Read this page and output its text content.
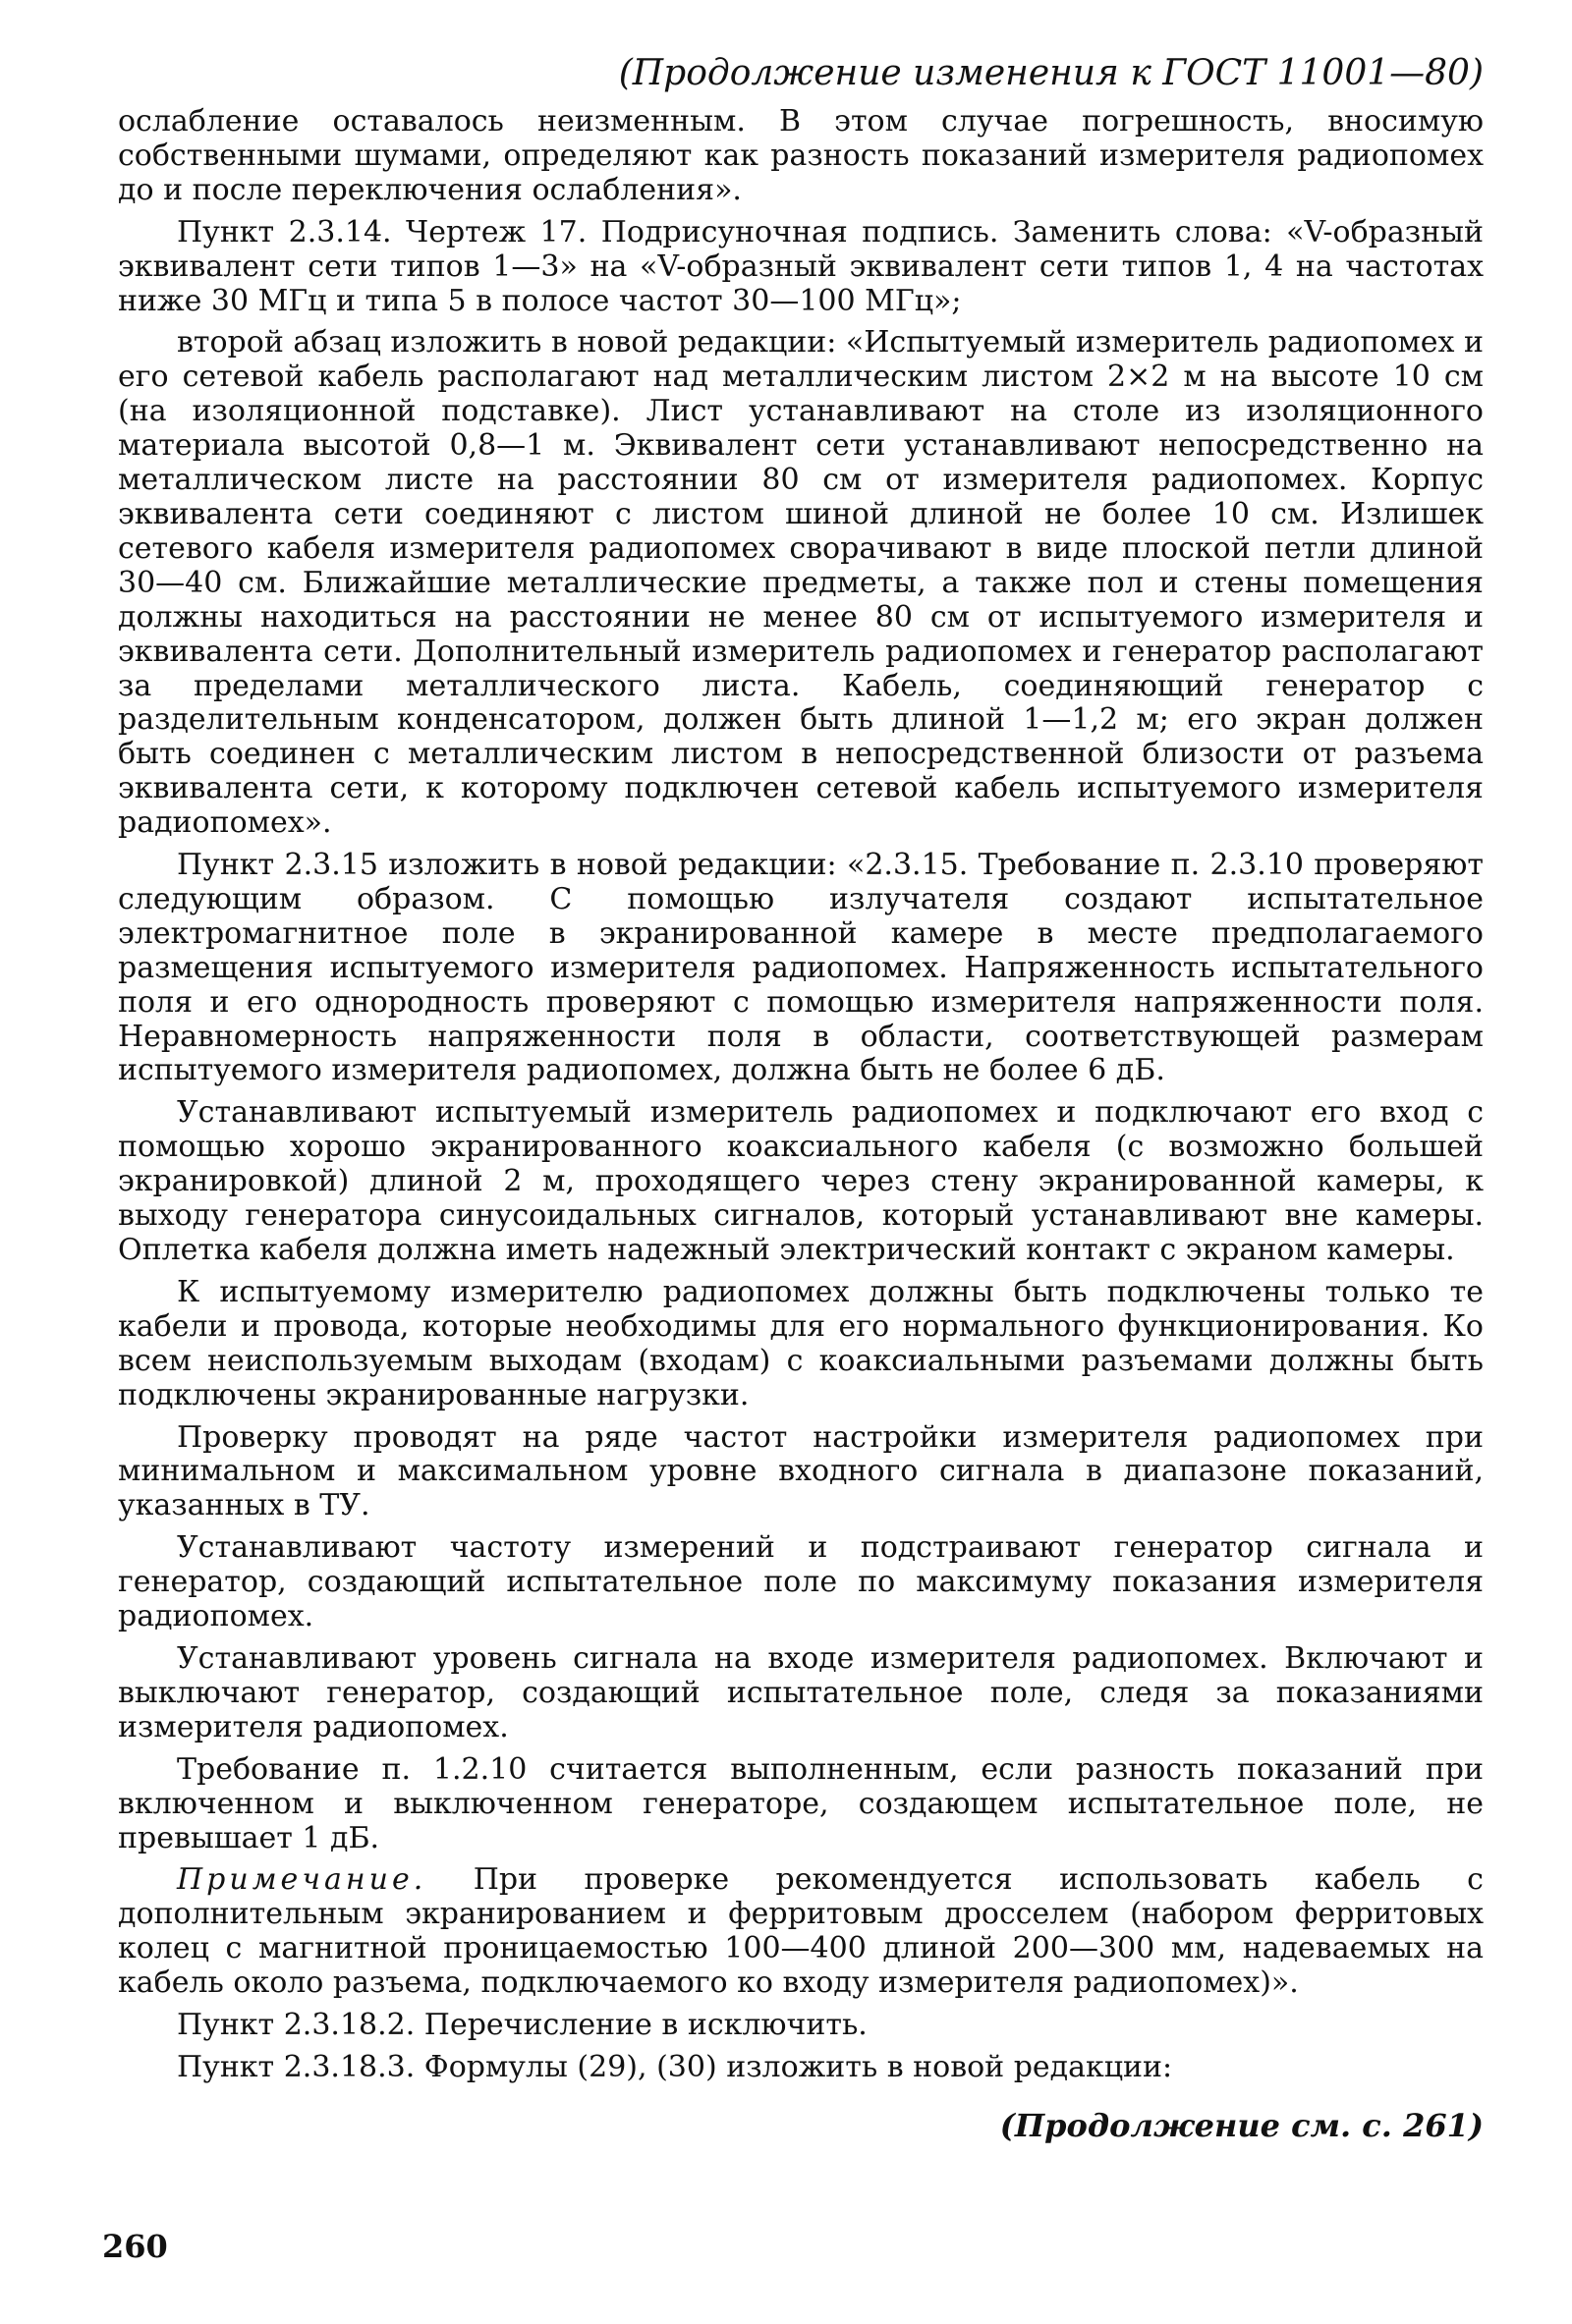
(Продолжение изменения к ГОСТ 11001—80)

ослабление оставалось неизменным. В этом случае погрешность, вносимую собственными шумами, определяют как разность показаний измерителя радиопомех до и после переключения ослабления».

Пункт 2.3.14. Чертеж 17. Подрисуночная подпись. Заменить слова: «V-образный эквивалент сети типов 1—3» на «V-образный эквивалент сети типов 1, 4 на частотах ниже 30 МГц и типа 5 в полосе частот 30—100 МГц»;

второй абзац изложить в новой редакции: «Испытуемый измеритель радиопомех и его сетевой кабель располагают над металлическим листом 2×2 м на высоте 10 см (на изоляционной подставке). Лист устанавливают на столе из изоляционного материала высотой 0,8—1 м. Эквивалент сети устанавливают непосредственно на металлическом листе на расстоянии 80 см от измерителя радиопомех. Корпус эквивалента сети соединяют с листом шиной длиной не более 10 см. Излишек сетевого кабеля измерителя радиопомех сворачивают в виде плоской петли длиной 30—40 см. Ближайшие металлические предметы, а также пол и стены помещения должны находиться на расстоянии не менее 80 см от испытуемого измерителя и эквивалента сети. Дополнительный измеритель радиопомех и генератор располагают за пределами металлического листа. Кабель, соединяющий генератор с разделительным конденсатором, должен быть длиной 1—1,2 м; его экран должен быть соединен с металлическим листом в непосредственной близости от разъема эквивалента сети, к которому подключен сетевой кабель испытуемого измерителя радиопомех».

Пункт 2.3.15 изложить в новой редакции: «2.3.15. Требование п. 2.3.10 проверяют следующим образом. С помощью излучателя создают испытательное электромагнитное поле в экранированной камере в месте предполагаемого размещения испытуемого измерителя радиопомех. Напряженность испытательного поля и его однородность проверяют с помощью измерителя напряженности поля. Неравномерность напряженности поля в области, соответствующей размерам испытуемого измерителя радиопомех, должна быть не более 6 дБ.

Устанавливают испытуемый измеритель радиопомех и подключают его вход с помощью хорошо экранированного коаксиального кабеля (с возможно большей экранировкой) длиной 2 м, проходящего через стену экранированной камеры, к выходу генератора синусоидальных сигналов, который устанавливают вне камеры. Оплетка кабеля должна иметь надежный электрический контакт с экраном камеры.

К испытуемому измерителю радиопомех должны быть подключены только те кабели и провода, которые необходимы для его нормального функционирования. Ко всем неиспользуемым выходам (входам) с коаксиальными разъемами должны быть подключены экранированные нагрузки.

Проверку проводят на ряде частот настройки измерителя радиопомех при минимальном и максимальном уровне входного сигнала в диапазоне показаний, указанных в ТУ.

Устанавливают частоту измерений и подстраивают генератор сигнала и генератор, создающий испытательное поле по максимуму показания измерителя радиопомех.

Устанавливают уровень сигнала на входе измерителя радиопомех. Включают и выключают генератор, создающий испытательное поле, следя за показаниями измерителя радиопомех.

Требование п. 1.2.10 считается выполненным, если разность показаний при включенном и выключенном генераторе, создающем испытательное поле, не превышает 1 дБ.

Примечание. При проверке рекомендуется использовать кабель с дополнительным экранированием и ферритовым дросселем (набором ферритовых колец с магнитной проницаемостью 100—400 длиной 200—300 мм, надеваемых на кабель около разъема, подключаемого ко входу измерителя радиопомех)».

Пункт 2.3.18.2. Перечисление в исключить.

Пункт 2.3.18.3. Формулы (29), (30) изложить в новой редакции:

(Продолжение см. с. 261)
260
